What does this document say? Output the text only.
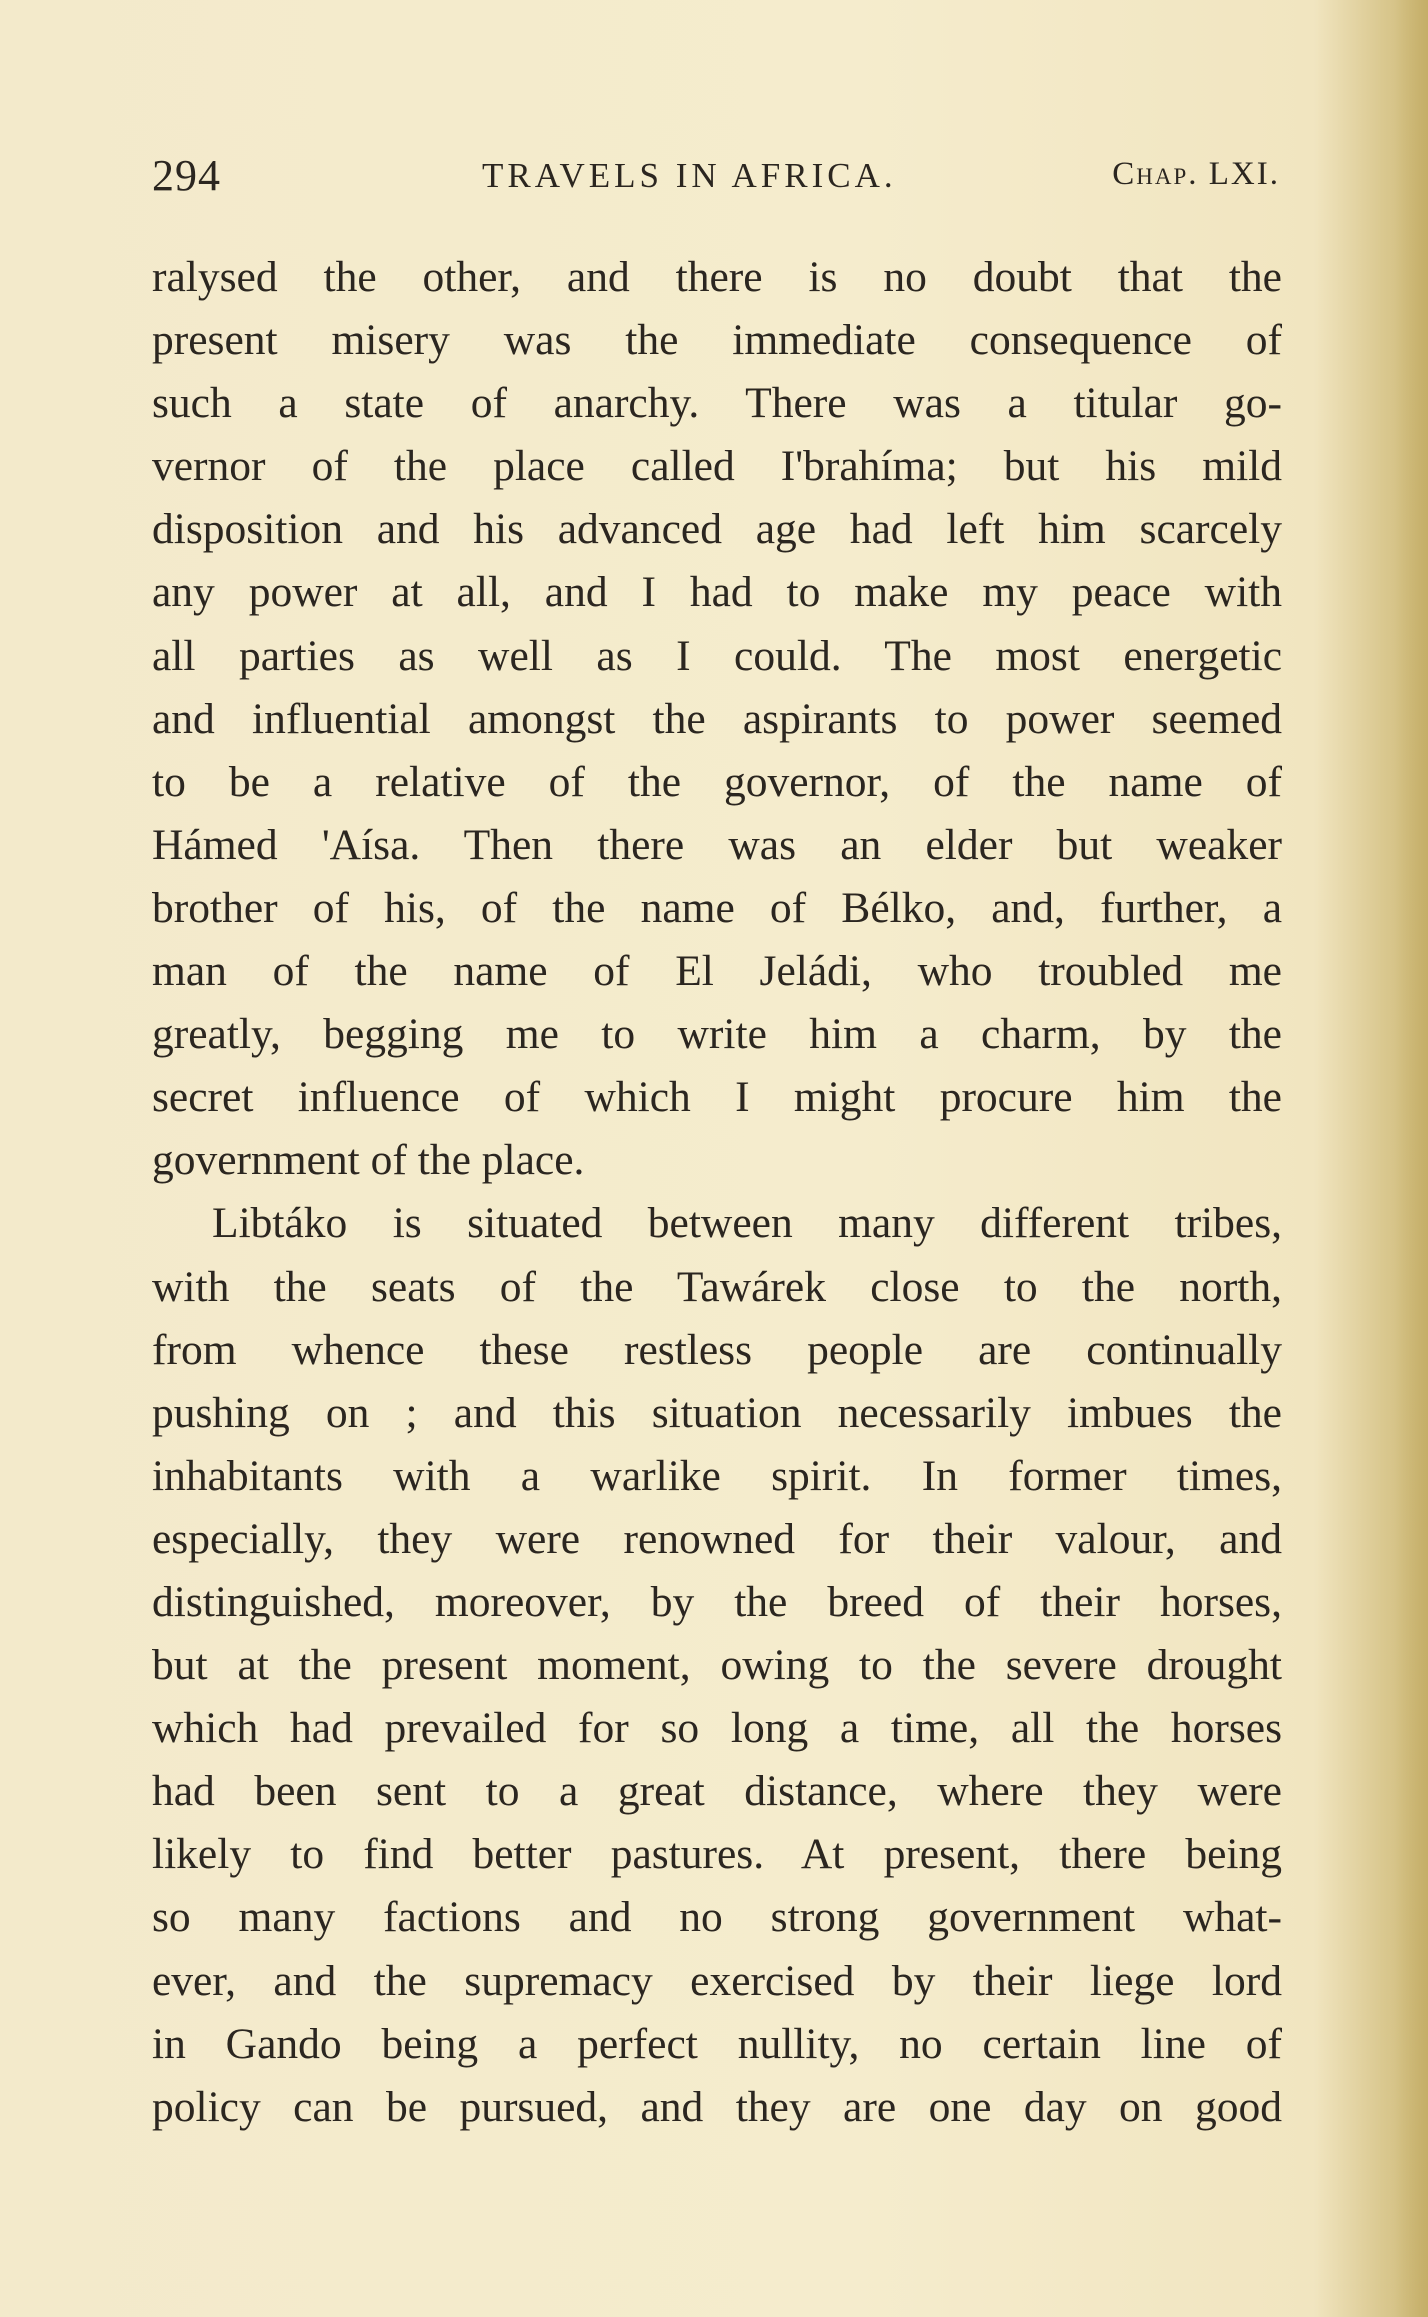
294	TRAVELS IN AFRICA.	Chap. LXI.
ralysed the other, and there is no doubt that the
present misery was the immediate consequence of
such a state of anarchy. There was a titular go-
vernor of the place called I'brahíma; but his mild
disposition and his advanced age had left him scarcely
any power at all, and I had to make my peace with
all parties as well as I could. The most energetic
and influential amongst the aspirants to power seemed
to be a relative of the governor, of the name of
Hámed 'Aísa. Then there was an elder but weaker
brother of his, of the name of Bélko, and, further, a
man of the name of El Jeládi, who troubled me
greatly, begging me to write him a charm, by the
secret influence of which I might procure him the
government of the place.
Libtáko is situated between many different tribes,
with the seats of the Tawárek close to the north,
from whence these restless people are continually
pushing on ; and this situation necessarily imbues the
inhabitants with a warlike spirit. In former times,
especially, they were renowned for their valour, and
distinguished, moreover, by the breed of their horses,
but at the present moment, owing to the severe drought
which had prevailed for so long a time, all the horses
had been sent to a great distance, where they were
likely to find better pastures. At present, there being
so many factions and no strong government what-
ever, and the supremacy exercised by their liege lord
in Gando being a perfect nullity, no certain line of
policy can be pursued, and they are one day on good
